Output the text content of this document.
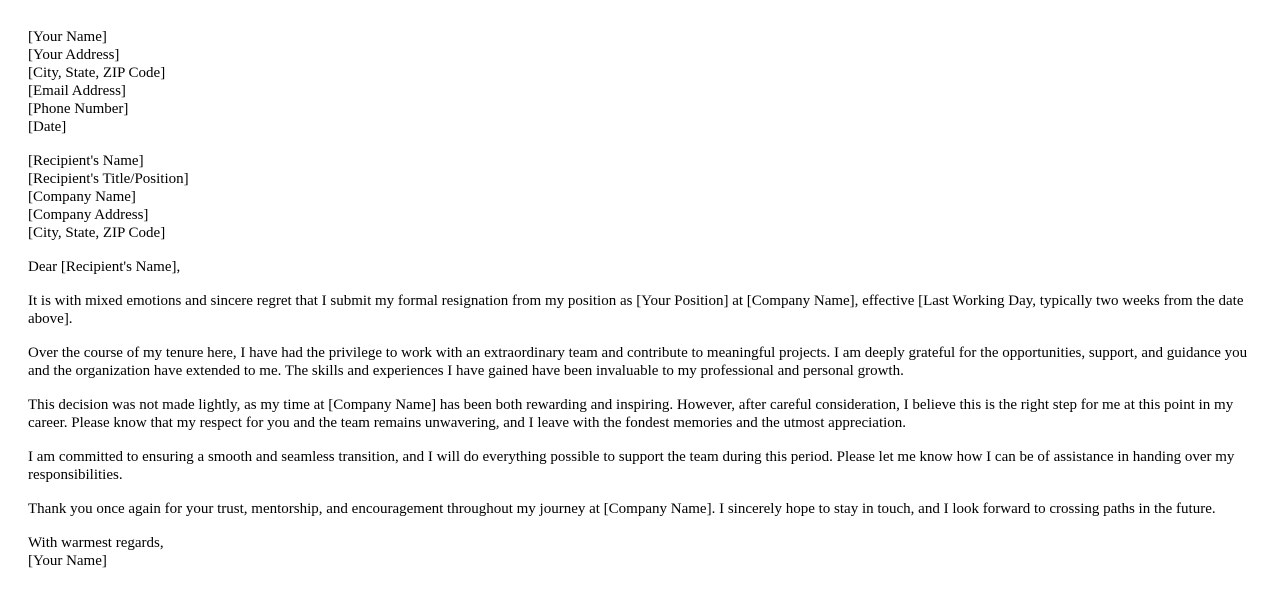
[Your Name]
[Your Address]
[City, State, ZIP Code]
[Email Address]
[Phone Number]
[Date]
[Recipient's Name]
[Recipient's Title/Position]
[Company Name]
[Company Address]
[City, State, ZIP Code]

Dear [Recipient's Name],

It is with mixed emotions and sincere regret that I submit my formal resignation from my position as [Your Position] at [Company Name], effective [Last Working Day, typically two weeks from the date above].

Over the course of my tenure here, I have had the privilege to work with an extraordinary team and contribute to meaningful projects. I am deeply grateful for the opportunities, support, and guidance you and the organization have extended to me. The skills and experiences I have gained have been invaluable to my professional and personal growth.

This decision was not made lightly, as my time at [Company Name] has been both rewarding and inspiring. However, after careful consideration, I believe this is the right step for me at this point in my career. Please know that my respect for you and the team remains unwavering, and I leave with the fondest memories and the utmost appreciation.

I am committed to ensuring a smooth and seamless transition, and I will do everything possible to support the team during this period. Please let me know how I can be of assistance in handing over my responsibilities.

Thank you once again for your trust, mentorship, and encouragement throughout my journey at [Company Name]. I sincerely hope to stay in touch, and I look forward to crossing paths in the future.

With warmest regards,
[Your Name]
